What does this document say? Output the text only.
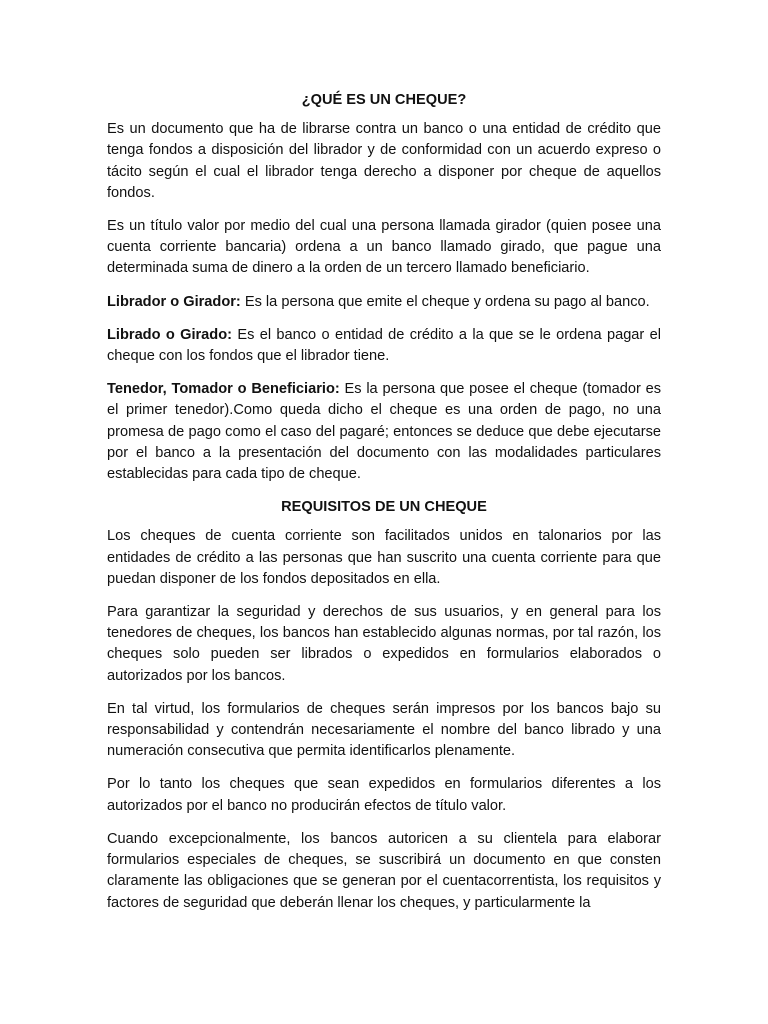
¿QUÉ ES UN CHEQUE?

Es un documento que ha de librarse contra un banco o una entidad de crédito que tenga fondos a disposición del librador y de conformidad con un acuerdo expreso o tácito según el cual el librador tenga derecho a disponer por cheque de aquellos fondos.

Es un título valor por medio del cual una persona llamada girador (quien posee una cuenta corriente bancaria) ordena a un banco llamado girado, que pague una determinada suma de dinero a la orden de un tercero llamado beneficiario.

Librador o Girador: Es la persona que emite el cheque y ordena su pago al banco.

Librado o Girado: Es el banco o entidad de crédito a la que se le ordena pagar el cheque con los fondos que el librador tiene.

Tenedor, Tomador o Beneficiario: Es la persona que posee el cheque (tomador es el primer tenedor).Como queda dicho el cheque es una orden de pago, no una promesa de pago como el caso del pagaré; entonces se deduce que debe ejecutarse por el banco a la presentación del documento con las modalidades particulares establecidas para cada tipo de cheque.

REQUISITOS DE UN CHEQUE

Los cheques de cuenta corriente son facilitados unidos en talonarios por las entidades de crédito a las personas que han suscrito una cuenta corriente para que puedan disponer de los fondos depositados en ella.

Para garantizar la seguridad y derechos de sus usuarios, y en general para los tenedores de cheques, los bancos han establecido algunas normas, por tal razón, los cheques solo pueden ser librados o expedidos en formularios elaborados o autorizados por los bancos.

En tal virtud, los formularios de cheques serán impresos por los bancos bajo su responsabilidad y contendrán necesariamente el nombre del banco librado y una numeración consecutiva que permita identificarlos plenamente.

Por lo tanto los cheques que sean expedidos en formularios diferentes a los autorizados por el banco no producirán efectos de título valor.

Cuando excepcionalmente, los bancos autoricen a su clientela para elaborar formularios especiales de cheques, se suscribirá un documento en que consten claramente las obligaciones que se generan por el cuentacorrentista, los requisitos y factores de seguridad que deberán llenar los cheques, y particularmente la
